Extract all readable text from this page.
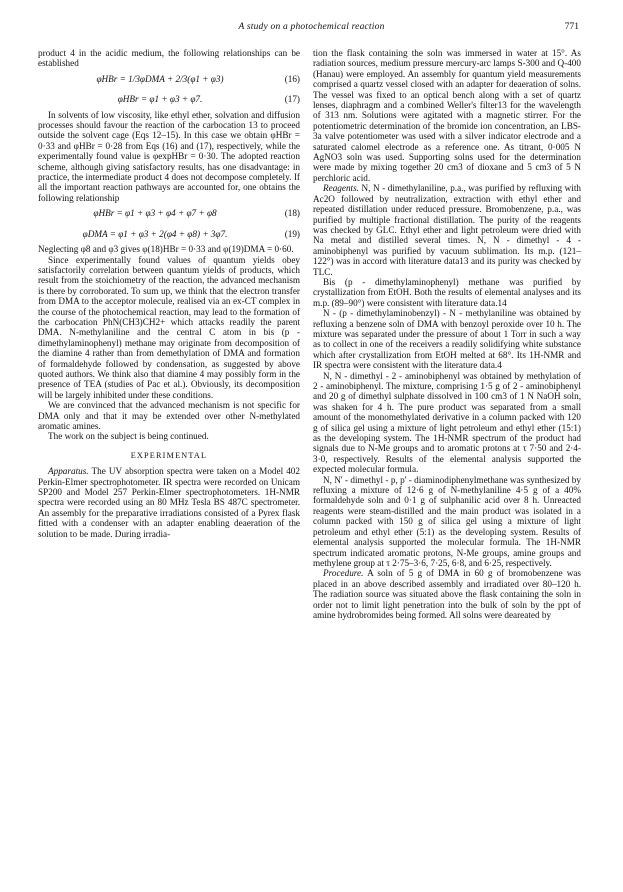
A study on a photochemical reaction	771

product 4 in the acidic medium, the following relationships can be established

φHBr = 1/3φDMA + 2/3(φ1 + φ3)	(16)
φHBr = φ1 + φ3 + φ7.	(17)

In solvents of low viscosity, like ethyl ether, solvation and diffusion processes should favour the reaction of the carbocation 13 to proceed outside the solvent cage (Eqs 12–15). In this case we obtain φHBr = 0·33 and φHBr = 0·28 from Eqs (16) and (17), respectively, while the experimentally found value is φexpHBr = 0·30. The adopted reaction scheme, although giving satisfactory results, has one disadvantage: in practice, the intermediate product 4 does not decompose completely. If all the important reaction pathways are accounted for, one obtains the following relationship

φHBr = φ1 + φ3 + φ4 + φ7 + φ8	(18)
φDMA = φ1 + φ3 + 2(φ4 + φ8) + 3φ7.	(19)

Neglecting φ8 and φ3 gives φ(18)HBr = 0·33 and φ(19)DMA = 0·60.

Since experimentally found values of quantum yields obey satisfactorily correlation between quantum yields of products, which result from the stoichiometry of the reaction, the advanced mechanism is there by corroborated. To sum up, we think that the electron transfer from DMA to the acceptor molecule, realised via an ex-CT complex in the course of the photochemical reaction, may lead to the formation of the carbocation PhN(CH3)CH2+ which attacks readily the parent DMA. N-methylaniline and the central C atom in bis (p - dimethylaminophenyl) methane may originate from decomposition of the diamine 4 rather than from demethylation of DMA and formation of formaldehyde followed by condensation, as suggested by above quoted authors. We think also that diamine 4 may possibly form in the presence of TEA (studies of Pac et al.). Obviously, its decomposition will be largely inhibited under these conditions.

We are convinced that the advanced mechanism is not specific for DMA only and that it may be extended over other N-methylated aromatic amines.

The work on the subject is being continued.

EXPERIMENTAL

Apparatus. The UV absorption spectra were taken on a Model 402 Perkin-Elmer spectrophotometer. IR spectra were recorded on Unicam SP200 and Model 257 Perkin-Elmer spectrophotometers. 1H-NMR spectra were recorded using an 80 MHz Tesla BS 487C spectrometer. An assembly for the preparative irradiations consisted of a Pyrex flask fitted with a condenser with an adapter enabling deaeration of the solution to be made. During irradia-

tion the flask containing the soln was immersed in water at 15°. As radiation sources, medium pressure mercury-arc lamps S-300 and Q-400 (Hanau) were employed. An assembly for quantum yield measurements comprised a quartz vessel closed with an adapter for deaeration of solns. The vessel was fixed to an optical bench along with a set of quartz lenses, diaphragm and a combined Weller's filter13 for the wavelength of 313 nm. Solutions were agitated with a magnetic stirrer. For the potentiometric determination of the bromide ion concentration, an LBS-3a valve potentiometer was used with a silver indicator electrode and a saturated calomel electrode as a reference one. As titrant, 0·005 N AgNO3 soln was used. Supporting solns used for the determination were made by mixing together 20 cm3 of dioxane and 5 cm3 of 5 N perchloric acid.

Reagents. N, N - dimethylaniline, p.a., was purified by refluxing with Ac2O followed by neutralization, extraction with ethyl ether and repeated distillation under reduced pressure. Bromobenzene, p.a., was purified by multiple fractional distillation. The purity of the reagents was checked by GLC. Ethyl ether and light petroleum were dried with Na metal and distilled several times. N, N - dimethyl - 4 - aminobiphenyl was purified by vacuum sublimation. Its m.p. (121–122°) was in accord with literature data13 and its purity was checked by TLC.

Bis (p - dimethylaminophenyl) methane was purified by crystallization from EtOH. Both the results of elemental analyses and its m.p. (89–90°) were consistent with literature data.14

N - (p - dimethylaminobenzyl) - N - methylaniline was obtained by refluxing a benzene soln of DMA with benzoyl peroxide over 10 h. The mixture was separated under the pressure of about 1 Torr in such a way as to collect in one of the receivers a readily solidifying white substance which after crystallization from EtOH melted at 68°. Its 1H-NMR and IR spectra were consistent with the literature data.4

N, N - dimethyl - 2 - aminobiphenyl was obtained by methylation of 2 - aminobiphenyl. The mixture, comprising 1·5 g of 2 - aminobiphenyl and 20 g of dimethyl sulphate dissolved in 100 cm3 of 1 N NaOH soln, was shaken for 4 h. The pure product was separated from a small amount of the monomethylated derivative in a column packed with 120 g of silica gel using a mixture of light petroleum and ethyl ether (15:1) as the developing system. The 1H-NMR spectrum of the product had signals due to N-Me groups and to aromatic protons at τ 7·50 and 2·4-3·0, respectively. Results of the elemental analysis supported the expected molecular formula.

N, N' - dimethyl - p, p' - diaminodiphenylmethane was synthesized by refluxing a mixture of 12·6 g of N-methylaniline 4·5 g of a 40% formaldehyde soln and 0·1 g of sulphanilic acid over 8 h. Unreacted reagents were steam-distilled and the main product was isolated in a column packed with 150 g of silica gel using a mixture of light petroleum and ethyl ether (5:1) as the developing system. Results of elemental analysis supported the molecular formula. The 1H-NMR spectrum indicated aromatic protons, N-Me groups, amine groups and methylene group at τ 2·75–3·6, 7·25, 6·8, and 6·25, respectively.

Procedure. A soln of 5 g of DMA in 60 g of bromobenzene was placed in an above described assembly and irradiated over 80–120 h. The radiation source was situated above the flask containing the soln in order not to limit light penetration into the bulk of soln by the ppt of amine hydrobromides being formed. All solns were deareated by
